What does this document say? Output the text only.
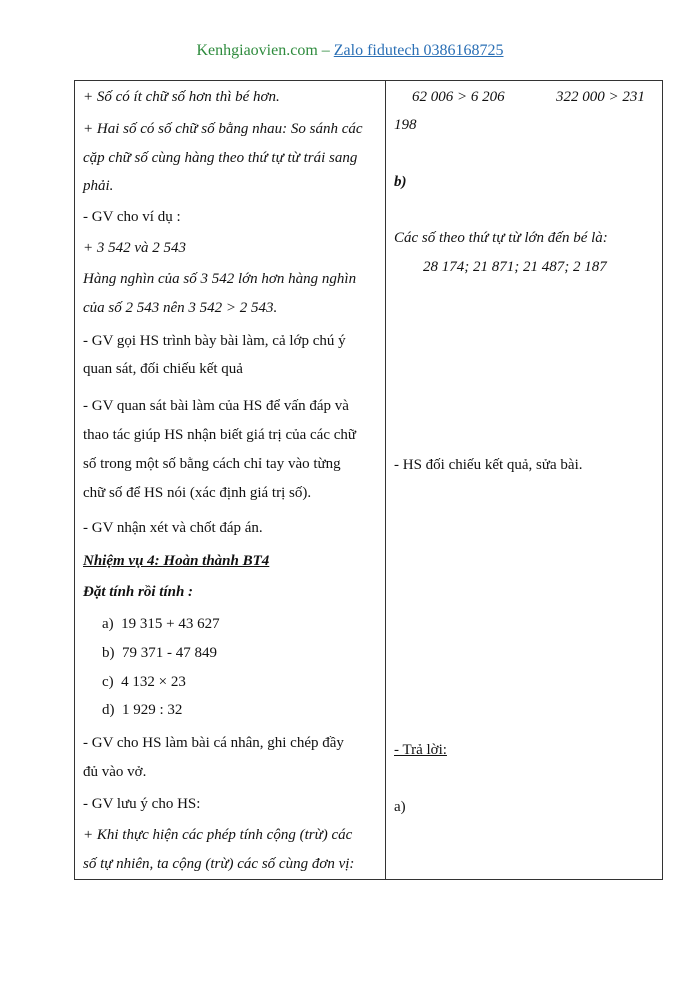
Kenhgiaovien.com – Zalo fidutech 0386168725
+ Số có ít chữ số hơn thì bé hơn.
+ Hai số có số chữ số bằng nhau: So sánh các
cặp chữ số cùng hàng theo thứ tự từ trái sang
phải.
- GV cho ví dụ :
+ 3 542 và 2 543
Hàng nghìn của số 3 542 lớn hơn hàng nghìn
của số 2 543 nên 3 542 > 2 543.
- GV gọi HS trình bày bài làm, cả lớp chú ý
quan sát, đối chiếu kết quả
- GV quan sát bài làm của HS để vấn đáp và
thao tác giúp HS nhận biết giá trị của các chữ
số trong một số bằng cách chỉ tay vào từng
chữ số để HS nói (xác định giá trị số).
- GV nhận xét và chốt đáp án.
Nhiệm vụ 4: Hoàn thành BT4
Đặt tính rồi tính :
a) 19 315 + 43 627
b) 79 371 - 47 849
c) 4 132 × 23
d) 1 929 : 32
- GV cho HS làm bài cá nhân, ghi chép đầy
đủ vào vở.
- GV lưu ý cho HS:
+ Khi thực hiện các phép tính cộng (trừ) các
số tự nhiên, ta cộng (trừ) các số cùng đơn vị:
62 006 > 6 206	322 000 > 231
198
b)
Các số theo thứ tự từ lớn đến bé là:
28 174; 21 871; 21 487; 2 187
- HS đối chiếu kết quả, sửa bài.
- Trả lời:
a)
